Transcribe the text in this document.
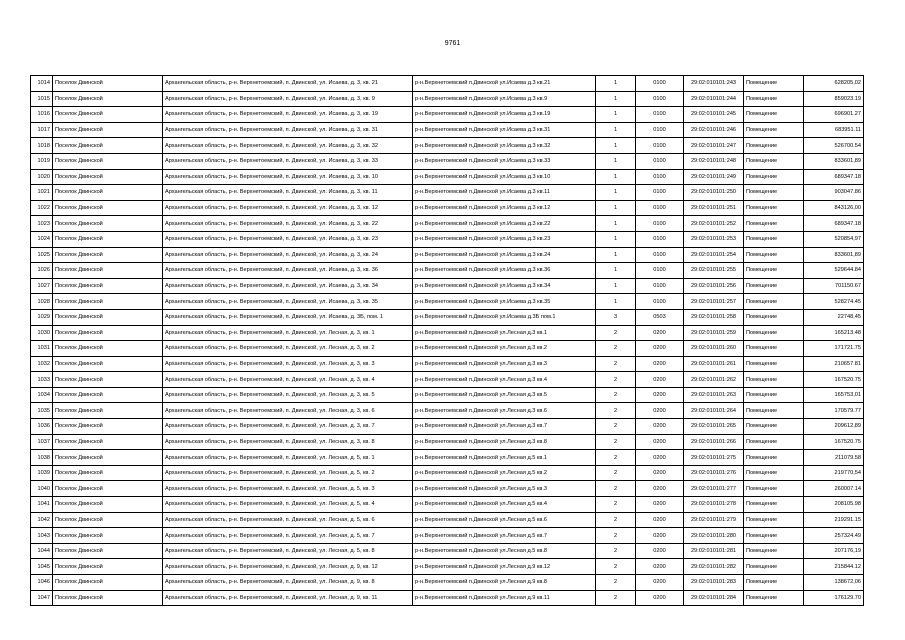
9761
1014	Поселок Двинской	Архангельская область, р-н. Верхнетоемский, п. Двинской, ул. Исаева, д. 3, кв. 21	р-н.Верхнетоемский п.Двинской ул.Исаева д.3 кв.21	1	0100	29:02:010101:243	Помещение	628205,02
1015	Поселок Двинской	Архангельская область, р-н. Верхнетоемский, п. Двинской, ул. Исаева, д. 3, кв. 9	р-н.Верхнетоемский п.Двинской ул.Исаева д.3 кв.9	1	0100	29:02:010101:244	Помещение	859023.19
1016	Поселок Двинской	Архангельская область, р-н. Верхнетоемский, п. Двинской, ул. Исаева, д. 3, кв. 19	р-н.Верхнетоемский п.Двинской ул.Исаева д.3 кв.19	1	0100	29:02:010101:245	Помещение	696901.27
1017	Поселок Двинской	Архангельская область, р-н. Верхнетоемский, п. Двинской, ул. Исаева, д. 3, кв. 31	р-н.Верхнетоемский п.Двинской ул.Исаева д.3 кв.31	1	0100	29:02:010101:246	Помещение	683951.11
1018	Поселок Двинской	Архангельская область, р-н. Верхнетоемский, п. Двинской, ул. Исаева, д. 3, кв. 32	р-н.Верхнетоемский п.Двинской ул.Исаева д.3 кв.32	1	0100	29:02:010101:247	Помещение	526700.54
1019	Поселок Двинской	Архангельская область, р-н. Верхнетоемский, п. Двинской, ул. Исаева, д. 3, кв. 33	р-н.Верхнетоемский п.Двинской ул.Исаева д.3 кв.33	1	0100	29:02:010101:248	Помещение	833601,89
1020	Поселок Двинской	Архангельская область, р-н. Верхнетоемский, п. Двинской, ул. Исаева, д. 3, кв. 10	р-н.Верхнетоемский п.Двинской ул.Исаева д.3 кв.10	1	0100	29:02:010101:249	Помещение	689347.18
1021	Поселок Двинской	Архангельская область, р-н. Верхнетоемский, п. Двинской, ул. Исаева, д. 3, кв. 11	р-н.Верхнетоемский п.Двинской ул.Исаева д.3 кв.11	1	0100	29:02:010101:250	Помещение	903047.86
1022	Поселок Двинской	Архангельская область, р-н. Верхнетоемский, п. Двинской, ул. Исаева, д. 3, кв. 12	р-н.Верхнетоемский п.Двинской ул.Исаева д.3 кв.12	1	0100	29:02:010101:251	Помещение	843126,00
1023	Поселок Двинской	Архангельская область, р-н. Верхнетоемский, п. Двинской, ул. Исаева, д. 3, кв. 22	р-н.Верхнетоемский п.Двинской ул.Исаева д.3 кв.22	1	0100	29:02:010101:252	Помещение	689347.18
1024	Поселок Двинской	Архангельская область, р-н. Верхнетоемский, п. Двинской, ул. Исаева, д. 3, кв. 23	р-н.Верхнетоемский п.Двинской ул.Исаева д.3 кв.23	1	0100	29:02:010101:253	Помещение	520854,97
1025	Поселок Двинской	Архангельская область, р-н. Верхнетоемский, п. Двинской, ул. Исаева, д. 3, кв. 24	р-н.Верхнетоемский п.Двинской ул.Исаева д.3 кв.24	1	0100	29:02:010101:254	Помещение	833601,89
1026	Поселок Двинской	Архангельская область, р-н. Верхнетоемский, п. Двинской, ул. Исаева, д. 3, кв. 36	р-н.Верхнетоемский п.Двинской ул.Исаева д.3 кв.36	1	0100	29:02:010101:255	Помещение	529644.84
1027	Поселок Двинской	Архангельская область, р-н. Верхнетоемский, п. Двинской, ул. Исаева, д. 3, кв. 34	р-н.Верхнетоемский п.Двинской ул.Исаева д.3 кв.34	1	0100	29:02:010101:256	Помещение	701150.67
1028	Поселок Двинской	Архангельская область, р-н. Верхнетоемский, п. Двинской, ул. Исаева, д. 3, кв. 35	р-н.Верхнетоемский п.Двинской ул.Исаева д.3 кв.35	1	0100	29:02:010101:257	Помещение	528274.45
1029	Поселок Двинской	Архангельская область, р-н. Верхнетоемский, п. Двинской, ул. Исаева, д. 3Б, пом. 1	р-н.Верхнетоемский п.Двинской ул.Исаева д.3Б пом.1	3	0503	29:02:010101:258	Помещение	22748,45
1030	Поселок Двинской	Архангельская область, р-н. Верхнетоемский, п. Двинской, ул. Лесная, д. 3, кв. 1	р-н.Верхнетоемский п.Двинской ул.Лесная д.3 кв.1	2	0200	29:02:010101:259	Помещение	165213.48
1031	Поселок Двинской	Архангельская область, р-н. Верхнетоемский, п. Двинской, ул. Лесная, д. 3, кв. 2	р-н.Верхнетоемский п.Двинской ул.Лесная д.3 кв.2	2	0200	29:02:010101:260	Помещение	171721.75
1032	Поселок Двинской	Архангельская область, р-н. Верхнетоемский, п. Двинской, ул. Лесная, д. 3, кв. 3	р-н.Верхнетоемский п.Двинской ул.Лесная д.3 кв.3	2	0200	29:02:010101:261	Помещение	210657.81
1033	Поселок Двинской	Архангельская область, р-н. Верхнетоемский, п. Двинской, ул. Лесная, д. 3, кв. 4	р-н.Верхнетоемский п.Двинской ул.Лесная д.3 кв.4	2	0200	29:02:010101:262	Помещение	167520.75
1034	Поселок Двинской	Архангельская область, р-н. Верхнетоемский, п. Двинской, ул. Лесная, д. 3, кв. 5	р-н.Верхнетоемский п.Двинской ул.Лесная д.3 кв.5	2	0200	29:02:010101:263	Помещение	165753,01
1035	Поселок Двинской	Архангельская область, р-н. Верхнетоемский, п. Двинской, ул. Лесная, д. 3, кв. 6	р-н.Верхнетоемский п.Двинской ул.Лесная д.3 кв.6	2	0200	29:02:010101:264	Помещение	170579.77
1036	Поселок Двинской	Архангельская область, р-н. Верхнетоемский, п. Двинской, ул. Лесная, д. 3, кв. 7	р-н.Верхнетоемский п.Двинской ул.Лесная д.3 кв.7	2	0200	29:02:010101:265	Помещение	209612,89
1037	Поселок Двинской	Архангельская область, р-н. Верхнетоемский, п. Двинской, ул. Лесная, д. 3, кв. 8	р-н.Верхнетоемский п.Двинской ул.Лесная д.3 кв.8	2	0200	29:02:010101:266	Помещение	167520.75
1038	Поселок Двинской	Архангельская область, р-н. Верхнетоемский, п. Двинской, ул. Лесная, д. 5, кв. 1	р-н.Верхнетоемский п.Двинской ул.Лесная д.5 кв.1	2	0200	29:02:010101:275	Помещение	211079.58
1039	Поселок Двинской	Архангельская область, р-н. Верхнетоемский, п. Двинской, ул. Лесная, д. 5, кв. 2	р-н.Верхнетоемский п.Двинской ул.Лесная д.5 кв.2	2	0200	29:02:010101:276	Помещение	219770,54
1040	Поселок Двинской	Архангельская область, р-н. Верхнетоемский, п. Двинской, ул. Лесная, д. 5, кв. 3	р-н.Верхнетоемский п.Двинской ул.Лесная д.5 кв.3	2	0200	29:02:010101:277	Помещение	260007.14
1041	Поселок Двинской	Архангельская область, р-н. Верхнетоемский, п. Двинской, ул. Лесная, д. 5, кв. 4	р-н.Верхнетоемский п.Двинской ул.Лесная д.5 кв.4	2	0200	29:02:010101:278	Помещение	208105.98
1042	Поселок Двинской	Архангельская область, р-н. Верхнетоемский, п. Двинской, ул. Лесная, д. 5, кв. 6	р-н.Верхнетоемский п.Двинской ул.Лесная д.5 кв.6	2	0200	29:02:010101:279	Помещение	219291.15
1043	Поселок Двинской	Архангельская область, р-н. Верхнетоемский, п. Двинской, ул. Лесная, д. 5, кв. 7	р-н.Верхнетоемский п.Двинской ул.Лесная д.5 кв.7	2	0200	29:02:010101:280	Помещение	257324.49
1044	Поселок Двинской	Архангельская область, р-н. Верхнетоемский, п. Двинской, ул. Лесная, д. 5, кв. 8	р-н.Верхнетоемский п.Двинской ул.Лесная д.5 кв.8	2	0200	29:02:010101:281	Помещение	207176,19
1045	Поселок Двинской	Архангельская область, р-н. Верхнетоемский, п. Двинской, ул. Лесная, д. 9, кв. 12	р-н.Верхнетоемский п.Двинской ул.Лесная д.9 кв.12	2	0200	29:02:010101:282	Помещение	215844.12
1046	Поселок Двинской	Архангельская область, р-н. Верхнетоемский, п. Двинской, ул. Лесная, д. 9, кв. 8	р-н.Верхнетоемский п.Двинской ул.Лесная д.9 кв.8	2	0200	29:02:010101:283	Помещение	138672,06
1047	Поселок Двинской	Архангельская область, р-н. Верхнетоемский, п. Двинской, ул. Лесная, д. 9, кв. 11	р-н.Верхнетоемский п.Двинской ул.Лесная д.9 кв.11	2	0200	29:02:010101:284	Помещение	176129.70
